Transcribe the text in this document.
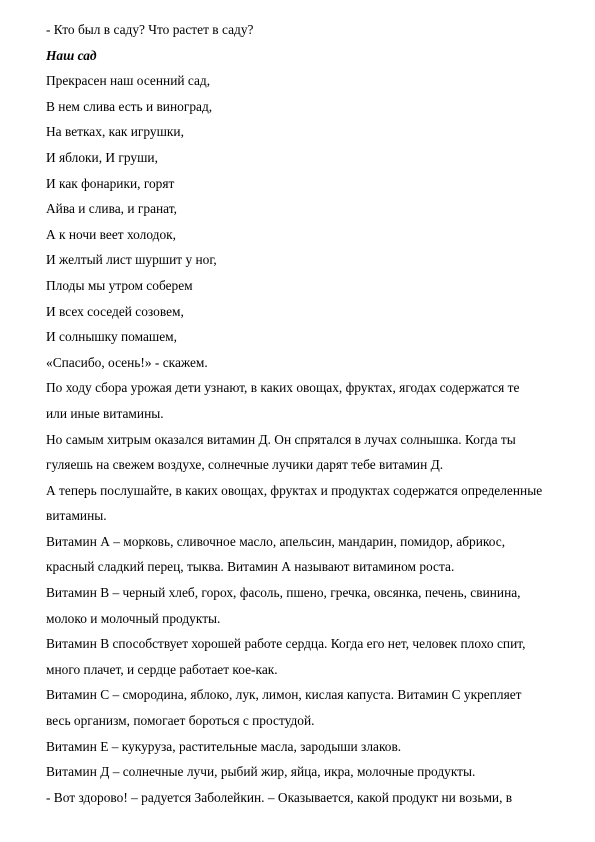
- Кто был в саду? Что растет в саду?
Наш сад
Прекрасен наш осенний сад,
В нем слива есть и виноград,
На ветках, как игрушки,
И яблоки, И груши,
И как фонарики, горят
Айва и слива, и гранат,
А к ночи веет холодок,
И желтый лист шуршит у ног,
Плоды мы утром соберем
И всех соседей созовем,
И солнышку помашем,
«Спасибо, осень!» - скажем.
По ходу сбора урожая дети узнают, в каких овощах, фруктах, ягодах содержатся те
или иные витамины.
Но самым хитрым оказался витамин Д. Он спрятался в лучах солнышка. Когда ты
гуляешь на свежем воздухе, солнечные лучики дарят тебе витамин Д.
А теперь послушайте, в каких овощах, фруктах и продуктах содержатся определенные
витамины.
Витамин А – морковь, сливочное масло, апельсин, мандарин, помидор, абрикос,
красный сладкий перец, тыква. Витамин А называют витамином роста.
Витамин В – черный хлеб, горох, фасоль, пшено, гречка, овсянка, печень, свинина,
молоко и молочный продукты.
Витамин В способствует хорошей работе сердца. Когда его нет, человек плохо спит,
много плачет, и сердце работает кое-как.
Витамин С – смородина, яблоко, лук, лимон, кислая капуста. Витамин С укрепляет
весь организм, помогает бороться с простудой.
Витамин Е – кукуруза, растительные масла, зародыши злаков.
Витамин Д – солнечные лучи, рыбий жир, яйца, икра, молочные продукты.
- Вот здорово! – радуется Заболейкин. – Оказывается, какой продукт ни возьми, в
